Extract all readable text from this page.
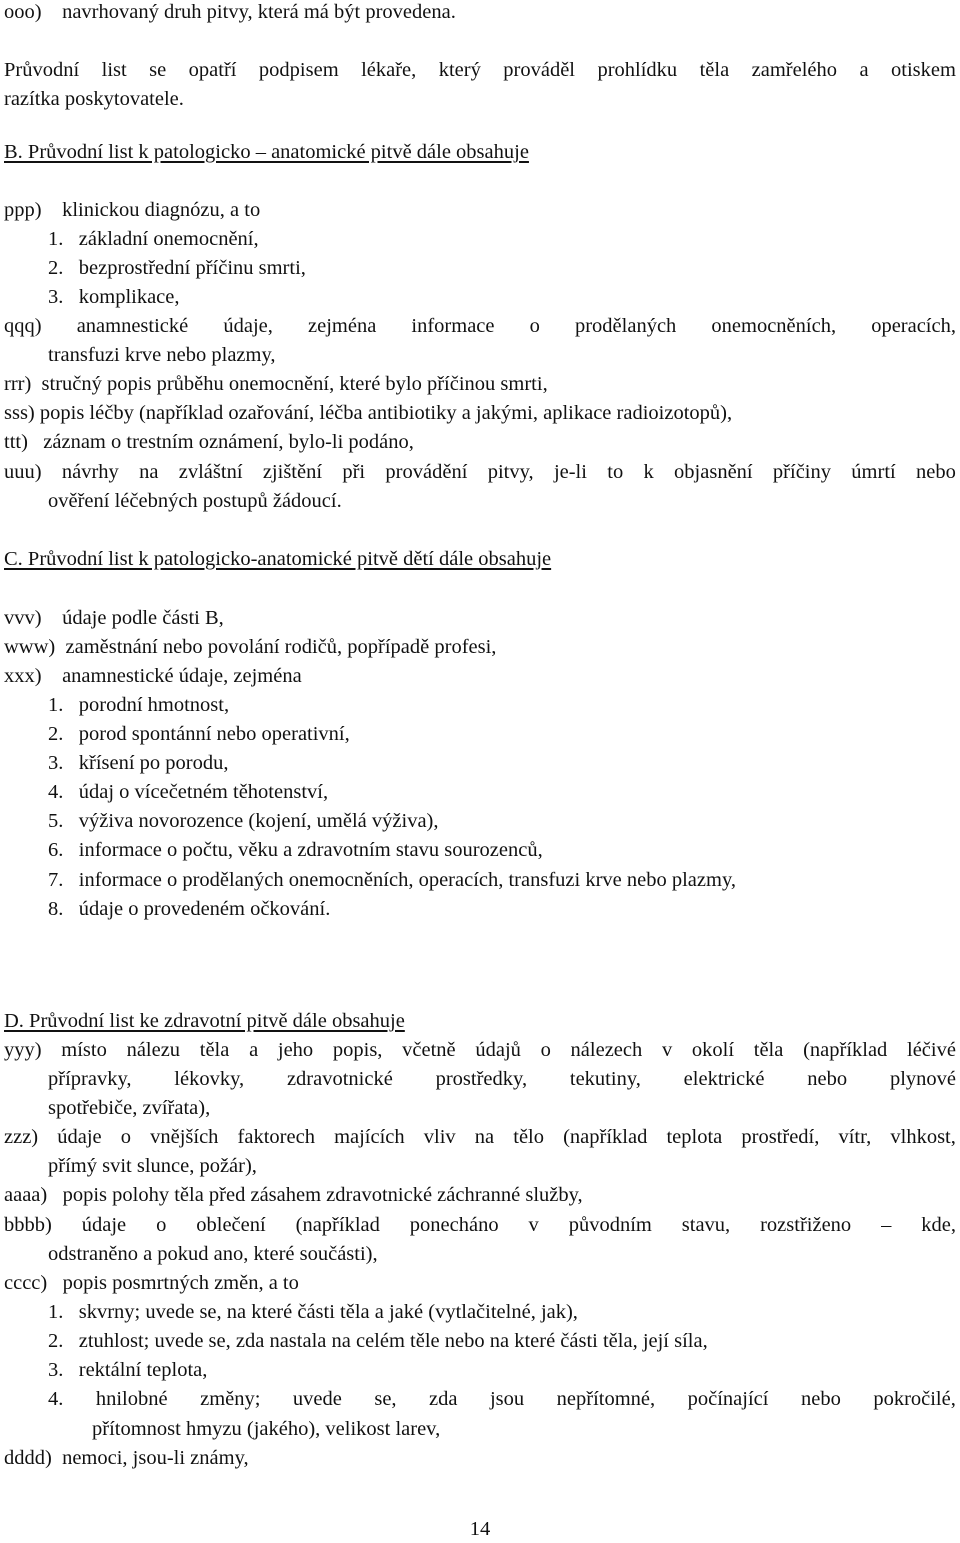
ooo)    navrhovaný druh pitvy, která má být provedena.
Průvodní list se opatří podpisem lékaře, který prováděl prohlídku těla zamřelého a otiskem
razítka poskytovatele.
B. Průvodní list k patologicko – anatomické pitvě dále obsahuje
ppp)    klinickou diagnózu, a to
1.   základní onemocnění,
2.   bezprostřední příčinu smrti,
3.   komplikace,
qqq) anamnestické údaje, zejména informace o prodělaných onemocněních, operacích,
transfuzi krve nebo plazmy,
rrr)  stručný popis průběhu onemocnění, které bylo příčinou smrti,
sss) popis léčby (například ozařování, léčba antibiotiky a jakými, aplikace radioizotopů),
ttt)   záznam o trestním oznámení, bylo-li podáno,
uuu) návrhy na zvláštní zjištění při provádění pitvy, je-li to k objasnění příčiny úmrtí nebo
ověření léčebných postupů žádoucí.
C. Průvodní list k patologicko-anatomické pitvě dětí dále obsahuje
vvv)    údaje podle části B,
www)  zaměstnání nebo povolání rodičů, popřípadě profesi,
xxx)    anamnestické údaje, zejména
1.   porodní hmotnost,
2.   porod spontánní nebo operativní,
3.   křísení po porodu,
4.   údaj o vícečetném těhotenství,
5.   výživa novorozence (kojení, umělá výživa),
6.   informace o počtu, věku a zdravotním stavu sourozenců,
7.   informace o prodělaných onemocněních, operacích, transfuzi krve nebo plazmy,
8.   údaje o provedeném očkování.
D. Průvodní list ke zdravotní pitvě dále obsahuje
yyy) místo nálezu těla a jeho popis, včetně údajů o nálezech v okolí těla (například léčivé
přípravky, lékovky, zdravotnické prostředky, tekutiny, elektrické nebo plynové
spotřebiče, zvířata),
zzz) údaje o vnějších faktorech majících vliv na tělo (například teplota prostředí, vítr, vlhkost,
přímý svit slunce, požár),
aaaa)   popis polohy těla před zásahem zdravotnické záchranné služby,
bbbb) údaje o oblečení (například ponecháno v původním stavu, rozstřiženo – kde,
odstraněno a pokud ano, které součásti),
cccc)   popis posmrtných změn, a to
1.   skvrny; uvede se, na které části těla a jaké (vytlačitelné, jak),
2.   ztuhlost; uvede se, zda nastala na celém těle nebo na které části těla, její síla,
3.   rektální teplota,
4. hnilobné změny; uvede se, zda jsou nepřítomné, počínající nebo pokročilé,
přítomnost hmyzu (jakého), velikost larev,
dddd)  nemoci, jsou-li známy,
14
